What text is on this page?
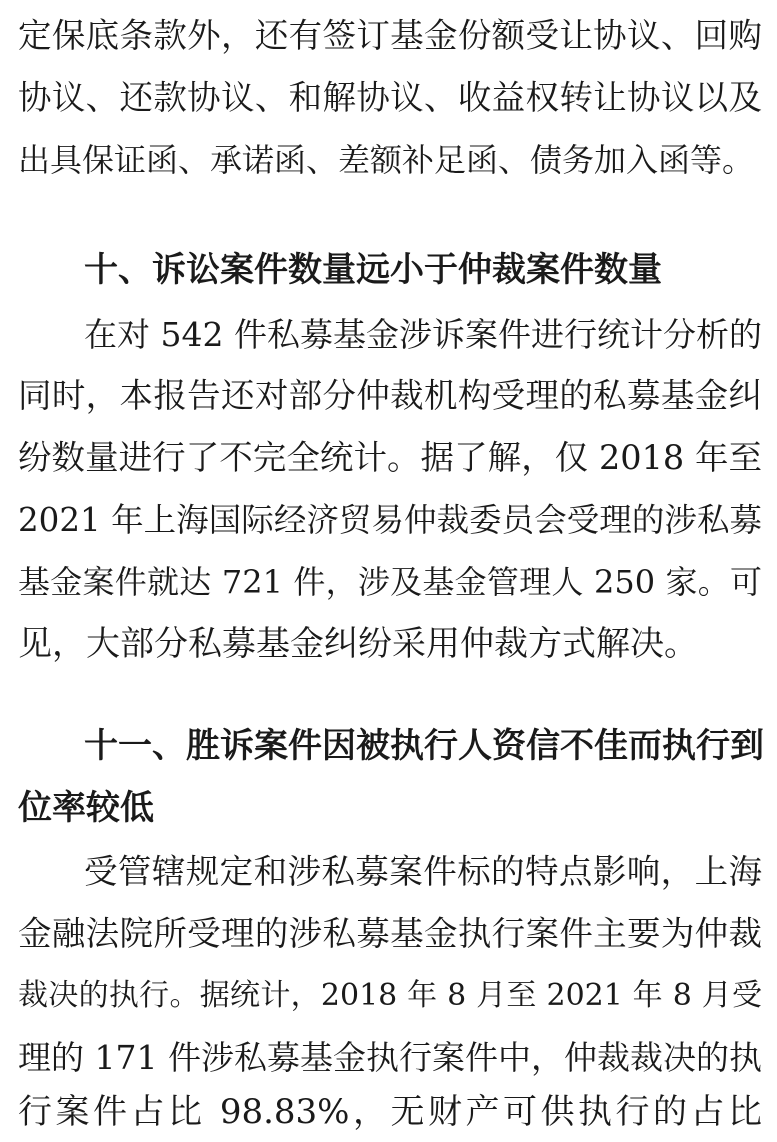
定保底条款外，还有签订基金份额受让协议、回购
协议、还款协议、和解协议、收益权转让协议以及
出具保证函、承诺函、差额补足函、债务加入函等。
十、诉讼案件数量远小于仲裁案件数量
在对 542 件私募基金涉诉案件进行统计分析的
同时，本报告还对部分仲裁机构受理的私募基金纠
纷数量进行了不完全统计。据了解，仅 2018 年至
2021 年上海国际经济贸易仲裁委员会受理的涉私募
基金案件就达 721 件，涉及基金管理人 250 家。可
见，大部分私募基金纠纷采用仲裁方式解决。
十一、胜诉案件因被执行人资信不佳而执行到
位率较低
受管辖规定和涉私募案件标的特点影响，上海
金融法院所受理的涉私募基金执行案件主要为仲裁
裁决的执行。据统计，2018 年 8 月至 2021 年 8 月受
理的 171 件涉私募基金执行案件中，仲裁裁决的执
行案件占比 98.83%，无财产可供执行的占比
